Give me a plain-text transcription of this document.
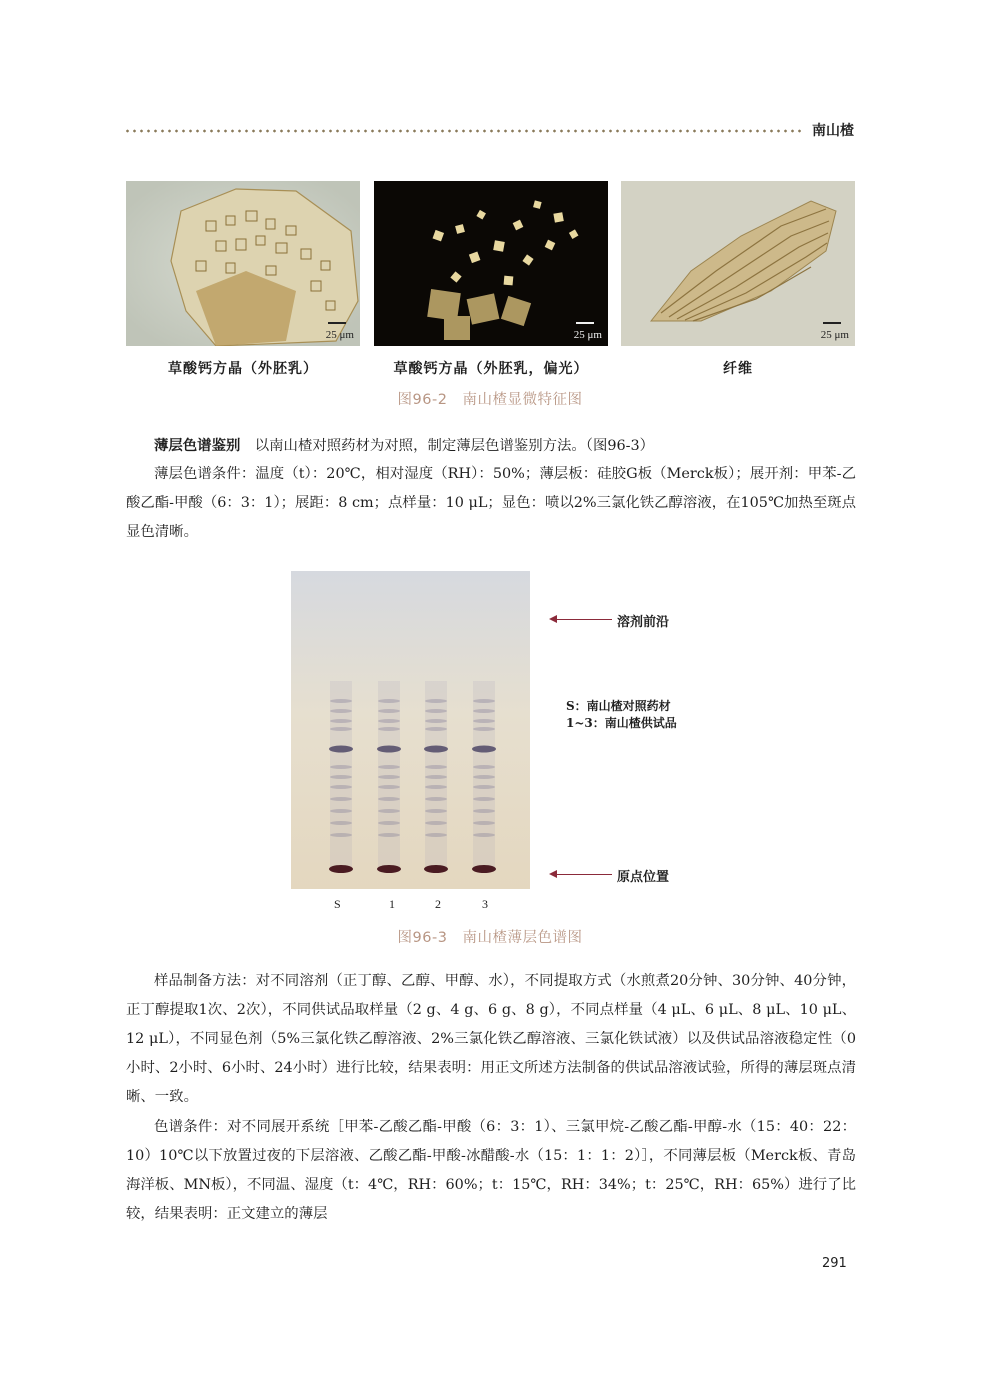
南山楂
25 μm	25 μm	25 μm
草酸钙方晶（外胚乳）	草酸钙方晶（外胚乳，偏光）	纤维
图96-2　南山楂显微特征图
薄层色谱鉴别　 以南山楂对照药材为对照，制定薄层色谱鉴别方法。（图96-3）
薄层色谱条件：温度（t）：20℃，相对湿度（RH）：50%；薄层板：硅胶G板（Merck板）；展开剂：甲苯-乙酸乙酯-甲酸（6：3：1）；展距：8 cm；点样量：10 μL；显色：喷以2%三氯化铁乙醇溶液，在105℃加热至斑点显色清晰。
S	1	2	3
溶剂前沿
S：南山楂对照药材
1~3：南山楂供试品
原点位置
图96-3　南山楂薄层色谱图
样品制备方法：对不同溶剂（正丁醇、乙醇、甲醇、水），不同提取方式（水煎煮20分钟、30分钟、40分钟，正丁醇提取1次、2次），不同供试品取样量（2 g、4 g、6 g、8 g），不同点样量（4 μL、6 μL、8 μL、10 μL、12 μL），不同显色剂（5%三氯化铁乙醇溶液、2%三氯化铁乙醇溶液、三氯化铁试液）以及供试品溶液稳定性（0小时、2小时、6小时、24小时）进行比较，结果表明：用正文所述方法制备的供试品溶液试验，所得的薄层斑点清晰、一致。
色谱条件：对不同展开系统［甲苯-乙酸乙酯-甲酸（6：3：1）、三氯甲烷-乙酸乙酯-甲醇-水（15：40：22：10）10℃以下放置过夜的下层溶液、乙酸乙酯-甲酸-冰醋酸-水（15：1：1：2）］，不同薄层板（Merck板、青岛海洋板、MN板），不同温、湿度（t：4℃，RH：60%；t：15℃，RH：34%；t：25℃，RH：65%）进行了比较，结果表明：正文建立的薄层
291
